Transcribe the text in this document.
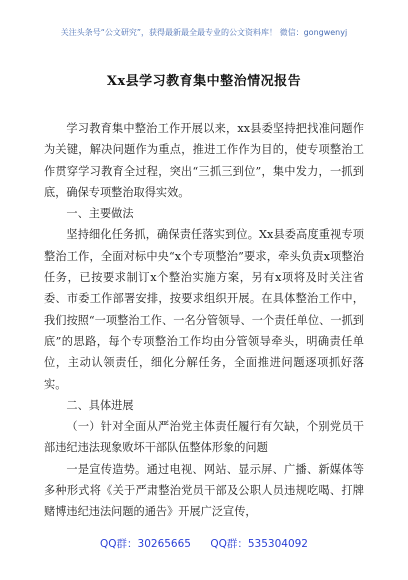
关注头条号“公文研究”，获得最新最全最专业的公文资料库！ 微信：gongwenyj
Xx县学习教育集中整治情况报告

学习教育集中整治工作开展以来，xx县委坚持把找准问题作为关键，解决问题作为重点，推进工作作为目的，使专项整治工作贯穿学习教育全过程，突出“三抓三到位”，集中发力，一抓到底，确保专项整治取得实效。

一、主要做法

坚持细化任务抓，确保责任落实到位。Xx县委高度重视专项整治工作，全面对标中央“x个专项整治”要求，牵头负责x项整治任务，已按要求制订x个整治实施方案，另有x项将及时关注省委、市委工作部署安排，按要求组织开展。在具体整治工作中，我们按照“一项整治工作、一名分管领导、一个责任单位、一抓到底”的思路，每个专项整治工作均由分管领导牵头，明确责任单位，主动认领责任，细化分解任务，全面推进问题逐项抓好落实。

二、具体进展

（一）针对全面从严治党主体责任履行有欠缺，个别党员干部违纪违法现象败坏干部队伍整体形象的问题

一是宣传造势。通过电视、网站、显示屏、广播、新媒体等多种形式将《关于严肃整治党员干部及公职人员违规吃喝、打牌赌博违纪违法问题的通告》开展广泛宣传，

QQ群：30265665 QQ群：535304092
